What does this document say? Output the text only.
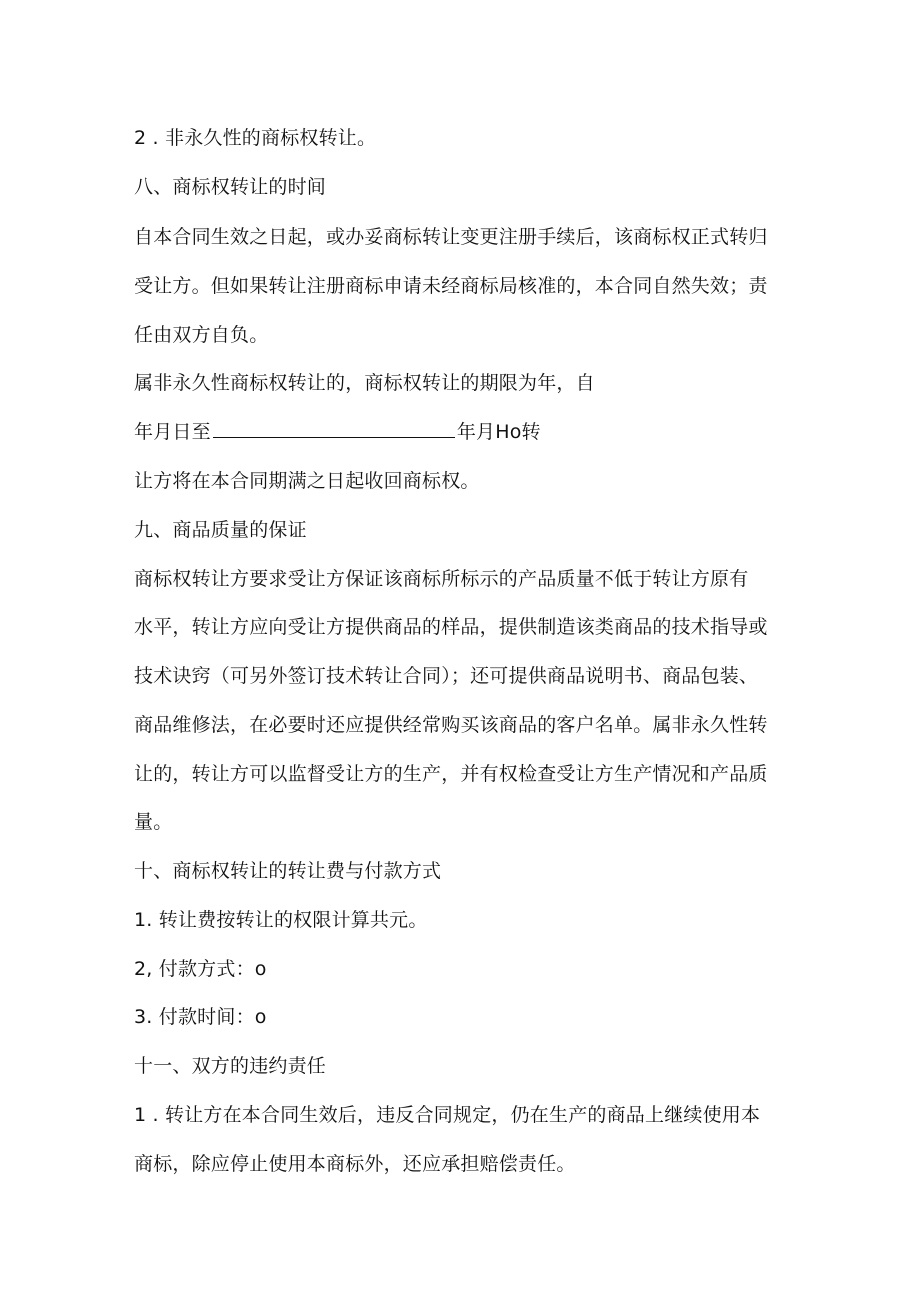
2 . 非永久性的商标权转让。
八、商标权转让的时间
自本合同生效之日起，或办妥商标转让变更注册手续后，该商标权正式转归
受让方。但如果转让注册商标申请未经商标局核准的，本合同自然失效；责
任由双方自负。
属非永久性商标权转让的，商标权转让的期限为年，自
年月日至	年月Ho转
让方将在本合同期满之日起收回商标权。
九、商品质量的保证
商标权转让方要求受让方保证该商标所标示的产品质量不低于转让方原有
水平，转让方应向受让方提供商品的样品，提供制造该类商品的技术指导或
技术诀窍（可另外签订技术转让合同）；还可提供商品说明书、商品包装、
商品维修法，在必要时还应提供经常购买该商品的客户名单。属非永久性转
让的，转让方可以监督受让方的生产，并有权检查受让方生产情况和产品质
量。
十、商标权转让的转让费与付款方式
1. 转让费按转让的权限计算共元。
2, 付款方式：o
3. 付款时间：o
十一、双方的违约责任
1 . 转让方在本合同生效后，违反合同规定，仍在生产的商品上继续使用本
商标，除应停止使用本商标外，还应承担赔偿责任。
